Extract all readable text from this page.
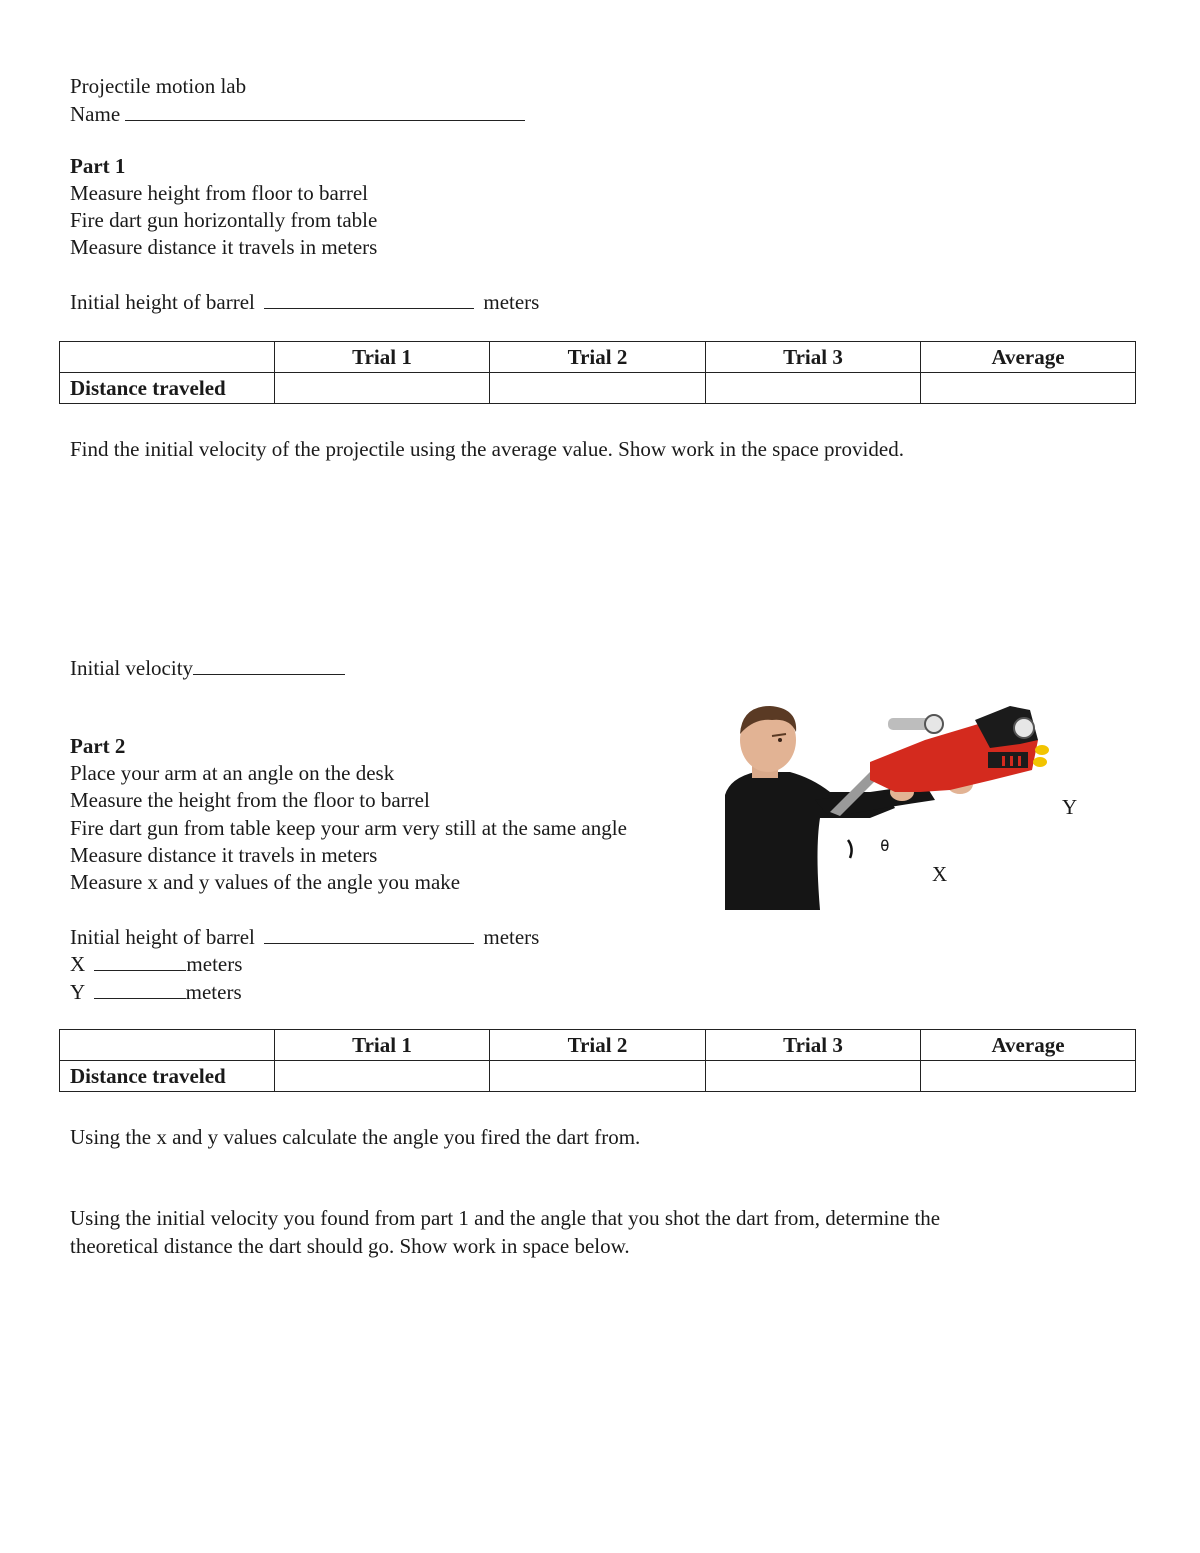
Projectile motion lab
Name
Part 1
Measure height from floor to barrel
Fire dart gun horizontally from table
Measure distance it travels in meters
Initial height of barrel	meters
	Trial 1	Trial 2	Trial 3	Average
Distance traveled				
Find the initial velocity of the projectile using the average value. Show work in the space provided.
Initial velocity
Part 2
Place your arm at an angle on the desk
Measure the height from the floor to barrel
Fire dart gun from table keep your arm very still at the same angle
Measure distance it travels in meters
Measure x and y values of the angle you make
θ
Y
X
Initial height of barrel	meters
X	meters
Y	meters
	Trial 1	Trial 2	Trial 3	Average
Distance traveled				
Using the x and y values calculate the angle you fired the dart from.
Using the initial velocity you found from part 1 and the angle that you shot the dart from, determine the
theoretical distance the dart should go. Show work in space below.
